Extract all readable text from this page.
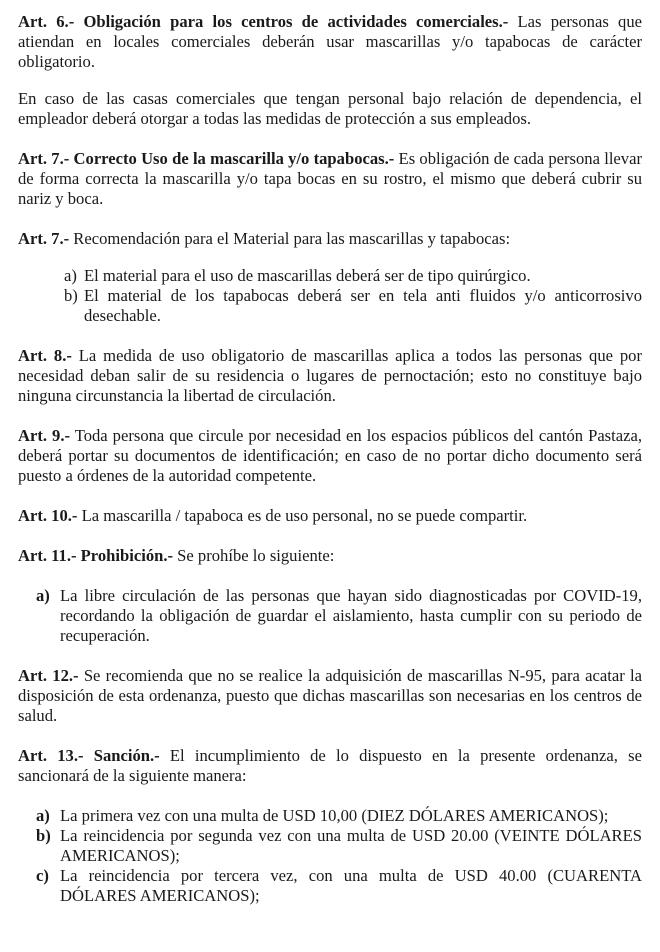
Art. 6.- Obligación para los centros de actividades comerciales.- Las personas que atiendan en locales comerciales deberán usar mascarillas y/o tapabocas de carácter obligatorio.

En caso de las casas comerciales que tengan personal bajo relación de dependencia, el empleador deberá otorgar a todas las medidas de protección a sus empleados.

Art. 7.- Correcto Uso de la mascarilla y/o tapabocas.- Es obligación de cada persona llevar de forma correcta la mascarilla y/o tapa bocas en su rostro, el mismo que deberá cubrir su nariz y boca.

Art. 7.- Recomendación para el Material para las mascarillas y tapabocas:

a) El material para el uso de mascarillas deberá ser de tipo quirúrgico.
b) El material de los tapabocas deberá ser en tela anti fluidos y/o anticorrosivo desechable.

Art. 8.- La medida de uso obligatorio de mascarillas aplica a todos las personas que por necesidad deban salir de su residencia o lugares de pernoctación; esto no constituye bajo ninguna circunstancia la libertad de circulación.

Art. 9.- Toda persona que circule por necesidad en los espacios públicos del cantón Pastaza, deberá portar su documentos de identificación; en caso de no portar dicho documento será puesto a órdenes de la autoridad competente.

Art. 10.- La mascarilla / tapaboca es de uso personal, no se puede compartir.

Art. 11.- Prohibición.- Se prohíbe lo siguiente:

a) La libre circulación de las personas que hayan sido diagnosticadas por COVID-19, recordando la obligación de guardar el aislamiento, hasta cumplir con su periodo de recuperación.

Art. 12.- Se recomienda que no se realice la adquisición de mascarillas N-95, para acatar la disposición de esta ordenanza, puesto que dichas mascarillas son necesarias en los centros de salud.

Art. 13.- Sanción.- El incumplimiento de lo dispuesto en la presente ordenanza, se sancionará de la siguiente manera:

a) La primera vez con una multa de USD 10,00 (DIEZ DÓLARES AMERICANOS);
b) La reincidencia por segunda vez con una multa de USD 20.00 (VEINTE DÓLARES AMERICANOS);
c) La reincidencia por tercera vez, con una multa de USD 40.00 (CUARENTA DÓLARES AMERICANOS);
